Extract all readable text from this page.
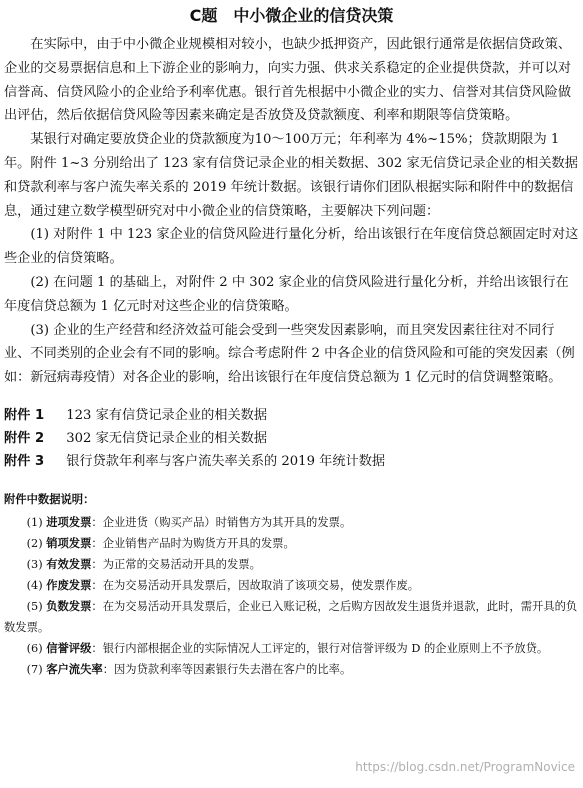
C题　中小微企业的信贷决策

在实际中，由于中小微企业规模相对较小，也缺少抵押资产，因此银行通常是依据信贷政策、企业的交易票据信息和上下游企业的影响力，向实力强、供求关系稳定的企业提供贷款，并可以对信誉高、信贷风险小的企业给予利率优惠。银行首先根据中小微企业的实力、信誉对其信贷风险做出评估，然后依据信贷风险等因素来确定是否放贷及贷款额度、利率和期限等信贷策略。

某银行对确定要放贷企业的贷款额度为10～100万元；年利率为 4%~15%；贷款期限为 1 年。附件 1~3 分别给出了 123 家有信贷记录企业的相关数据、302 家无信贷记录企业的相关数据和贷款利率与客户流失率关系的 2019 年统计数据。该银行请你们团队根据实际和附件中的数据信息，通过建立数学模型研究对中小微企业的信贷策略，主要解决下列问题：

(1) 对附件 1 中 123 家企业的信贷风险进行量化分析，给出该银行在年度信贷总额固定时对这些企业的信贷策略。

(2) 在问题 1 的基础上，对附件 2 中 302 家企业的信贷风险进行量化分析，并给出该银行在年度信贷总额为 1 亿元时对这些企业的信贷策略。

(3) 企业的生产经营和经济效益可能会受到一些突发因素影响，而且突发因素往往对不同行业、不同类别的企业会有不同的影响。综合考虑附件 2 中各企业的信贷风险和可能的突发因素（例如：新冠病毒疫情）对各企业的影响，给出该银行在年度信贷总额为 1 亿元时的信贷调整策略。

附件 1 123 家有信贷记录企业的相关数据
附件 2 302 家无信贷记录企业的相关数据
附件 3 银行贷款年利率与客户流失率关系的 2019 年统计数据
附件中数据说明：
(1) 进项发票：企业进货（购买产品）时销售方为其开具的发票。
(2) 销项发票：企业销售产品时为购货方开具的发票。
(3) 有效发票：为正常的交易活动开具的发票。
(4) 作废发票：在为交易活动开具发票后，因故取消了该项交易，使发票作废。
(5) 负数发票：在为交易活动开具发票后，企业已入账记税，之后购方因故发生退货并退款，此时，需开具的负数发票。
(6) 信誉评级：银行内部根据企业的实际情况人工评定的，银行对信誉评级为 D 的企业原则上不予放贷。
(7) 客户流失率：因为贷款利率等因素银行失去潜在客户的比率。
https://blog.csdn.net/ProgramNovice
